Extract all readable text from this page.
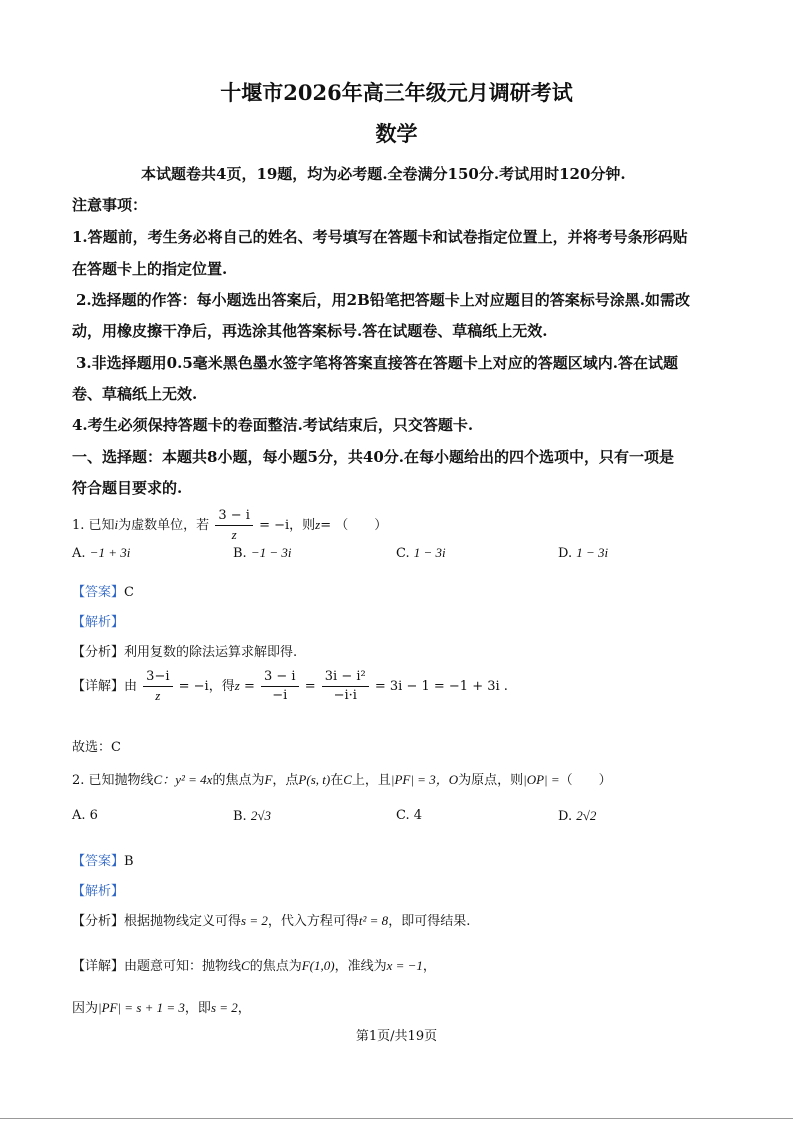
十堰市2026年高三年级元月调研考试
数学
本试题卷共4页，19题，均为必考题.全卷满分150分.考试用时120分钟.
注意事项：
1.答题前，考生务必将自己的姓名、考号填写在答题卡和试卷指定位置上，并将考号条形码贴
在答题卡上的指定位置.
2.选择题的作答：每小题选出答案后，用2B铅笔把答题卡上对应题目的答案标号涂黑.如需改
动，用橡皮擦干净后，再选涂其他答案标号.答在试题卷、草稿纸上无效.
3.非选择题用0.5毫米黑色墨水签字笔将答案直接答在答题卡上对应的答题区域内.答在试题
卷、草稿纸上无效.
4.考生必须保持答题卡的卷面整洁.考试结束后，只交答题卡.
一、选择题：本题共8小题，每小题5分，共40分.在每小题给出的四个选项中，只有一项是
符合题目要求的.
1. 已知i为虚数单位，若 $\frac{3 - i}{z} = -i$，则z= （　　）
A. −1 + 3i	B. −1 − 3i	C. 1 − 3i	D. 1 − 3i
【答案】C
【解析】
【分析】利用复数的除法运算求解即得.
【详解】由 $\frac{3-i}{z} = -i$，得$z = \frac{3 - i}{-i} = \frac{\text{3i − i²}}{-i\cdot i} = 3i - 1 = -1 + 3i$ .
故选：C
2. 已知抛物线C：y² = 4x的焦点为F，点P(s, t)在C上，且|PF| = 3，O为原点，则|OP| =（　　）
A. 6	B. 2√3	C. 4	D. 2√2
【答案】B
【解析】
【分析】根据抛物线定义可得s = 2，代入方程可得t² = 8，即可得结果.
【详解】由题意可知：抛物线C的焦点为F(1,0)，准线为x = −1，
因为|PF| = s + 1 = 3，即s = 2，
第1页/共19页
